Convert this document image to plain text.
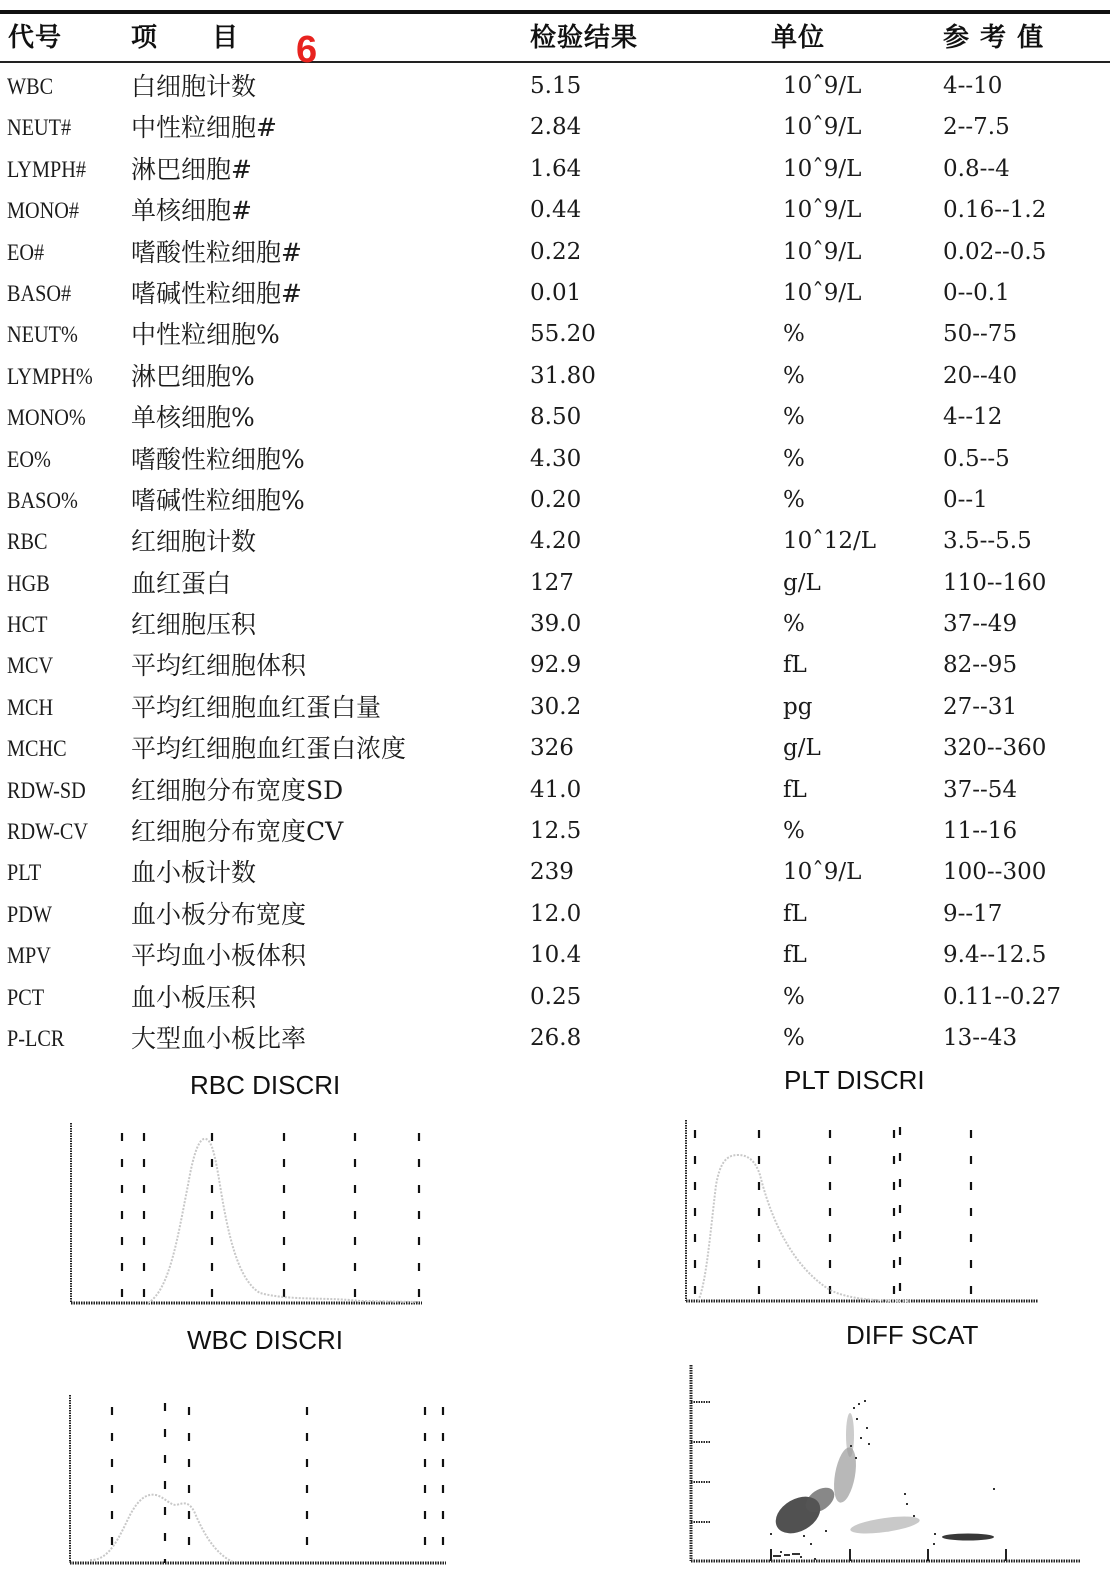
代号	项　　目	检验结果	单位	参 考 值
6
WBC	白细胞计数	5.15	10ˆ9/L	4--10
NEUT# 中性粒细胞#	2.84	10ˆ9/L	2--7.5
LYMPH# 淋巴细胞#	1.64	10ˆ9/L	0.8--4
MONO# 单核细胞#	0.44	10ˆ9/L	0.16--1.2
EO#	嗜酸性粒细胞#	0.22	10ˆ9/L	0.02--0.5
BASO# 嗜碱性粒细胞#	0.01	10ˆ9/L	0--0.1
NEUT% 中性粒细胞%	55.20	%	50--75
LYMPH% 淋巴细胞%	31.80	%	20--40
MONO% 单核细胞%	8.50	%	4--12
EO%	嗜酸性粒细胞%	4.30	%	0.5--5
BASO% 嗜碱性粒细胞%	0.20	%	0--1
RBC	红细胞计数	4.20	10ˆ12/L	3.5--5.5
HGB	血红蛋白	127	g/L	110--160
HCT	红细胞压积	39.0	%	37--49
MCV	平均红细胞体积	92.9	fL	82--95
MCH	平均红细胞血红蛋白量	30.2	pg	27--31
MCHC	平均红细胞血红蛋白浓度	326	g/L	320--360
RDW-SD 红细胞分布宽度SD	41.0	fL	37--54
RDW-CV 红细胞分布宽度CV	12.5	%	11--16
PLT	血小板计数	239	10ˆ9/L	100--300
PDW	血小板分布宽度	12.0	fL	9--17
MPV	平均血小板体积	10.4	fL	9.4--12.5
PCT	血小板压积	0.25	%	0.11--0.27
P-LCR	大型血小板比率	26.8	%	13--43
RBC DISCRI	PLT DISCRI
WBC DISCRI	DIFF SCAT
